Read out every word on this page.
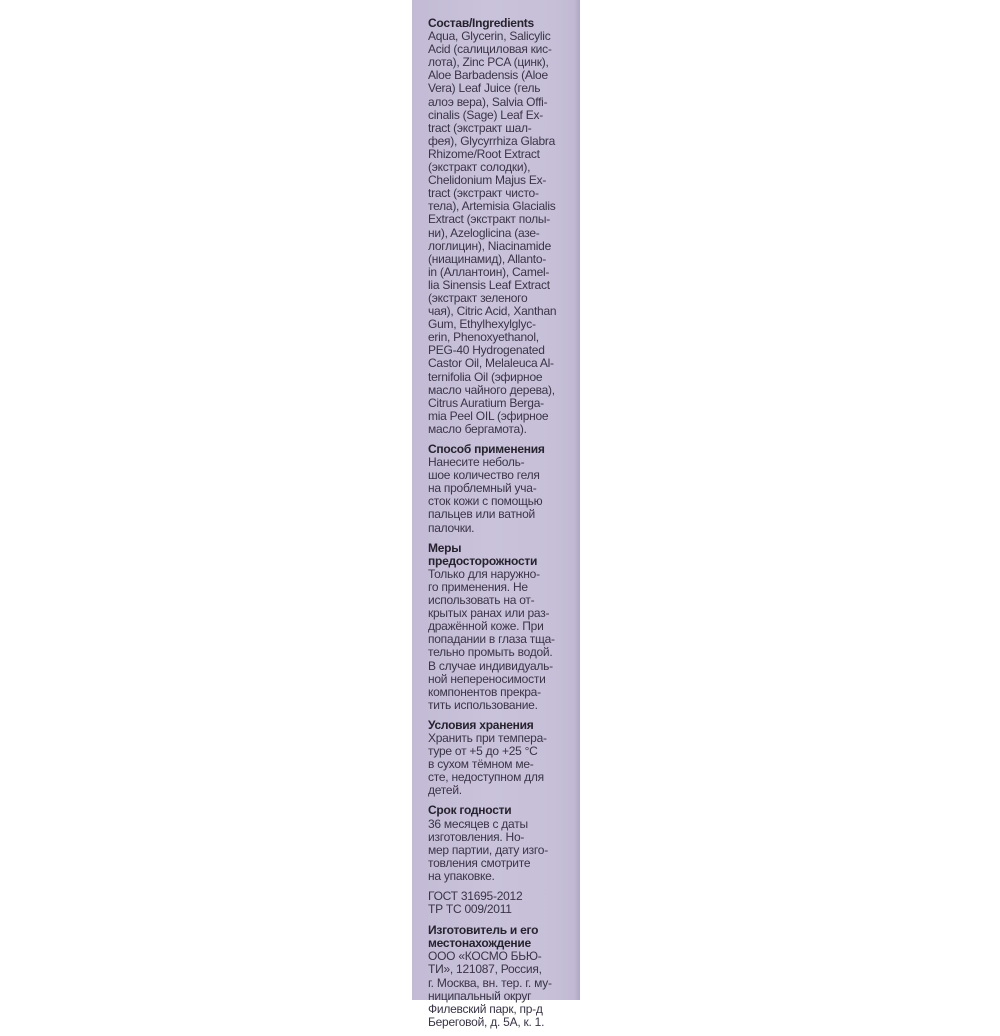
Состав/Ingredients
Aqua, Glycerin, Salicylic
Acid (салициловая кис-
лота), Zinc PCA (цинк),
Aloe Barbadensis (Aloe
Vera) Leaf Juice (гель
алоэ вера), Salvia Offi-
cinalis (Sage) Leaf Ex-
tract (экстракт шал-
фея), Glycyrrhiza Glabra
Rhizome/Root Extract
(экстракт солодки),
Chelidonium Majus Ex-
tract (экстракт чисто-
тела), Artemisia Glacialis
Extract (экстракт полы-
ни), Azeloglicina (азе-
логлицин), Niacinamide
(ниацинамид), Allanto-
in (Аллантоин), Camel-
lia Sinensis Leaf Extract
(экстракт зеленого
чая), Citric Acid, Xanthan
Gum, Ethylhexylglyc-
erin, Phenoxyethanol,
PEG-40 Hydrogenated
Castor Oil, Melaleuca Al-
ternifolia Oil (эфирное
масло чайного дерева),
Citrus Auratium Berga-
mia Peel OIL (эфирное
масло бергамота).
Способ применения
Нанесите неболь-
шое количество геля
на проблемный уча-
сток кожи с помощью
пальцев или ватной
палочки.
Меры
предосторожности
Только для наружно-
го применения. Не
использовать на от-
крытых ранах или раз-
дражённой коже. При
попадании в глаза тща-
тельно промыть водой.
В случае индивидуаль-
ной непереносимости
компонентов прекра-
тить использование.
Условия хранения
Хранить при темпера-
туре от +5 до +25 °С
в сухом тёмном ме-
сте, недоступном для
детей.
Срок годности
36 месяцев с даты
изготовления. Но-
мер партии, дату изго-
товления смотрите
на упаковке.
ГОСТ 31695-2012
ТР ТС 009/2011
Изготовитель и его
местонахождение
ООО «КОСМО БЬЮ-
ТИ», 121087, Россия,
г. Москва, вн. тер. г. му-
ниципальный округ
Филевский парк, пр-д
Береговой, д. 5А, к. 1.
